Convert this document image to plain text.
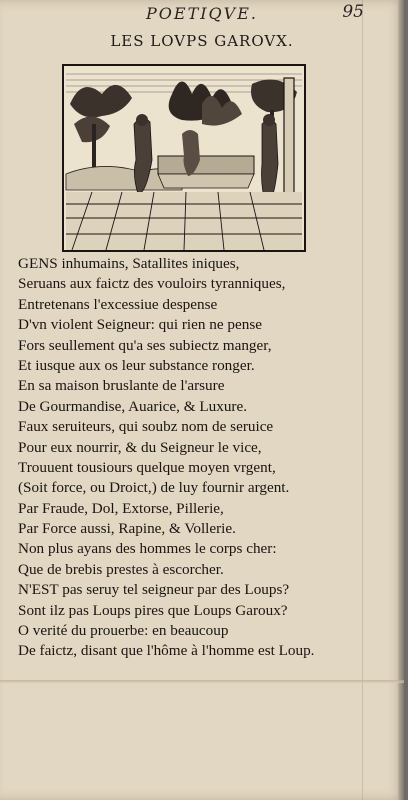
POETIQVE.	95
LES LOVPS GAROVX.
GENS inhumains, Satallites iniques,
Seruans aux faictz des vouloirs tyranniques,
Entretenans l'excessiue despense
D'vn violent Seigneur: qui rien ne pense
Fors seullement qu'a ses subiectz manger,
Et iusque aux os leur substance ronger.
En sa maison bruslante de l'arsure
De Gourmandise, Auarice, & Luxure.
Faux seruiteurs, qui soubz nom de seruice
Pour eux nourrir, & du Seigneur le vice,
Trouuent tousiours quelque moyen vrgent,
(Soit force, ou Droict,) de luy fournir argent.
Par Fraude, Dol, Extorse, Pillerie,
Par Force aussi, Rapine, & Vollerie.
Non plus ayans des hommes le corps cher:
Que de brebis prestes à escorcher.
N'EST pas seruy tel seigneur par des Loups?
Sont ilz pas Loups pires que Loups Garoux?
O verité du prouerbe: en beaucoup
De faictz, disant que l'hôme à l'homme est Loup.
